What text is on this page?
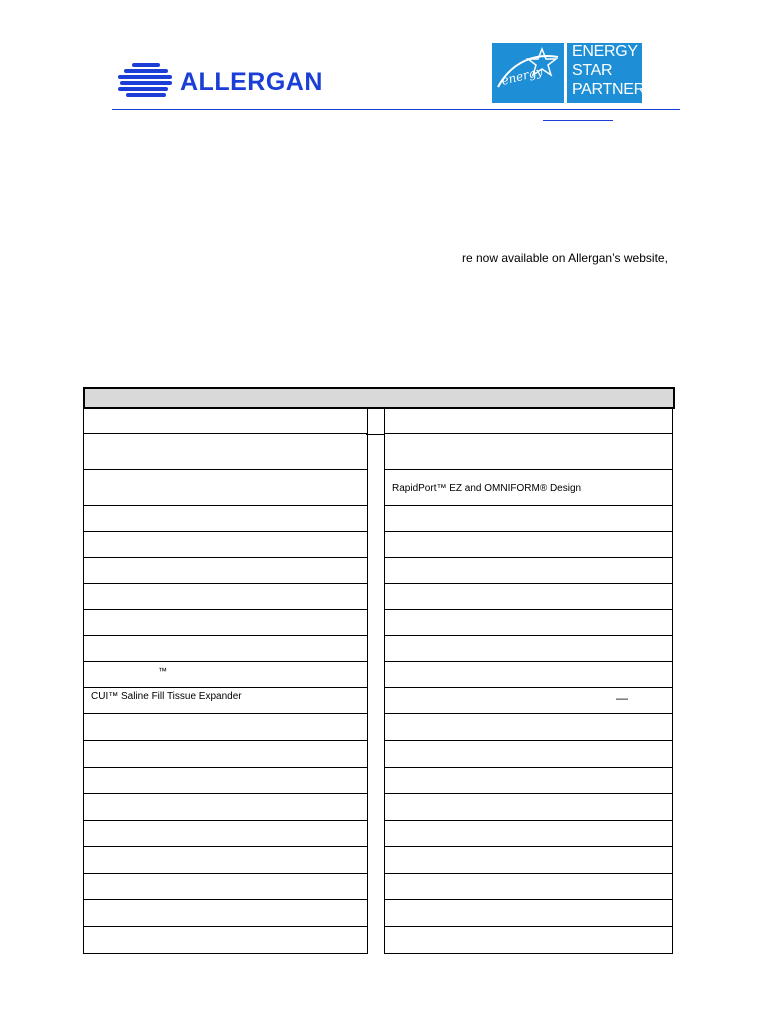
ALLERGAN	energy
ENERGY
STAR
PARTNER
re now available on Allergan’s website,
™
CUI™ Saline Fill Tissue Expander
RapidPort™ EZ and OMNIFORM® Design
—
